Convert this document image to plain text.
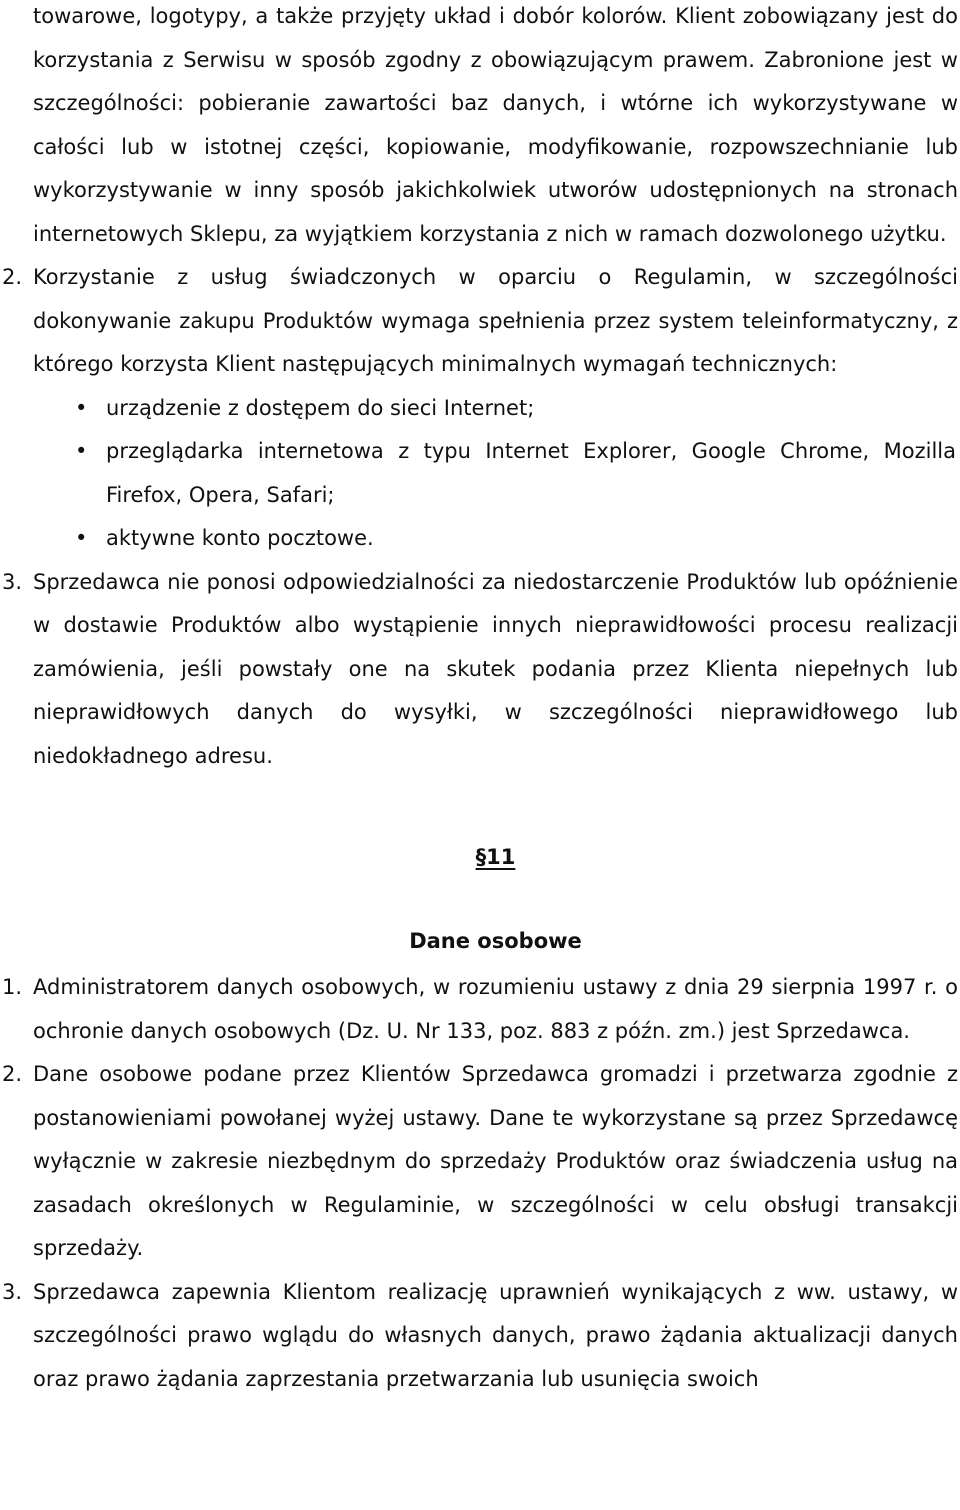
towarowe, logotypy, a także przyjęty układ i dobór kolorów. Klient zobowiązany jest do korzystania z Serwisu w sposób zgodny z obowiązującym prawem. Zabronione jest w szczególności: pobieranie zawartości baz danych, i wtórne ich wykorzystywane w całości lub w istotnej części, kopiowanie, modyfikowanie, rozpowszechnianie lub wykorzystywanie w inny sposób jakichkolwiek utworów udostępnionych na stronach internetowych Sklepu, za wyjątkiem korzystania z nich w ramach dozwolonego użytku.
2. Korzystanie z usług świadczonych w oparciu o Regulamin, w szczególności dokonywanie zakupu Produktów wymaga spełnienia przez system teleinformatyczny, z którego korzysta Klient następujących minimalnych wymagań technicznych:
• urządzenie z dostępem do sieci Internet;
• przeglądarka internetowa z typu Internet Explorer, Google Chrome, Mozilla Firefox, Opera, Safari;
• aktywne konto pocztowe.
3. Sprzedawca nie ponosi odpowiedzialności za niedostarczenie Produktów lub opóźnienie w dostawie Produktów albo wystąpienie innych nieprawidłowości procesu realizacji zamówienia, jeśli powstały one na skutek podania przez Klienta niepełnych lub nieprawidłowych danych do wysyłki, w szczególności nieprawidłowego lub niedokładnego adresu.
§11
Dane osobowe
1. Administratorem danych osobowych, w rozumieniu ustawy z dnia 29 sierpnia 1997 r. o ochronie danych osobowych (Dz. U. Nr 133, poz. 883 z późn. zm.) jest Sprzedawca.
2. Dane osobowe podane przez Klientów Sprzedawca gromadzi i przetwarza zgodnie z postanowieniami powołanej wyżej ustawy. Dane te wykorzystane są przez Sprzedawcę wyłącznie w zakresie niezbędnym do sprzedaży Produktów oraz świadczenia usług na zasadach określonych w Regulaminie, w szczególności w celu obsługi transakcji sprzedaży.
3. Sprzedawca zapewnia Klientom realizację uprawnień wynikających z ww. ustawy, w szczególności prawo wglądu do własnych danych, prawo żądania aktualizacji danych oraz prawo żądania zaprzestania przetwarzania lub usunięcia swoich
